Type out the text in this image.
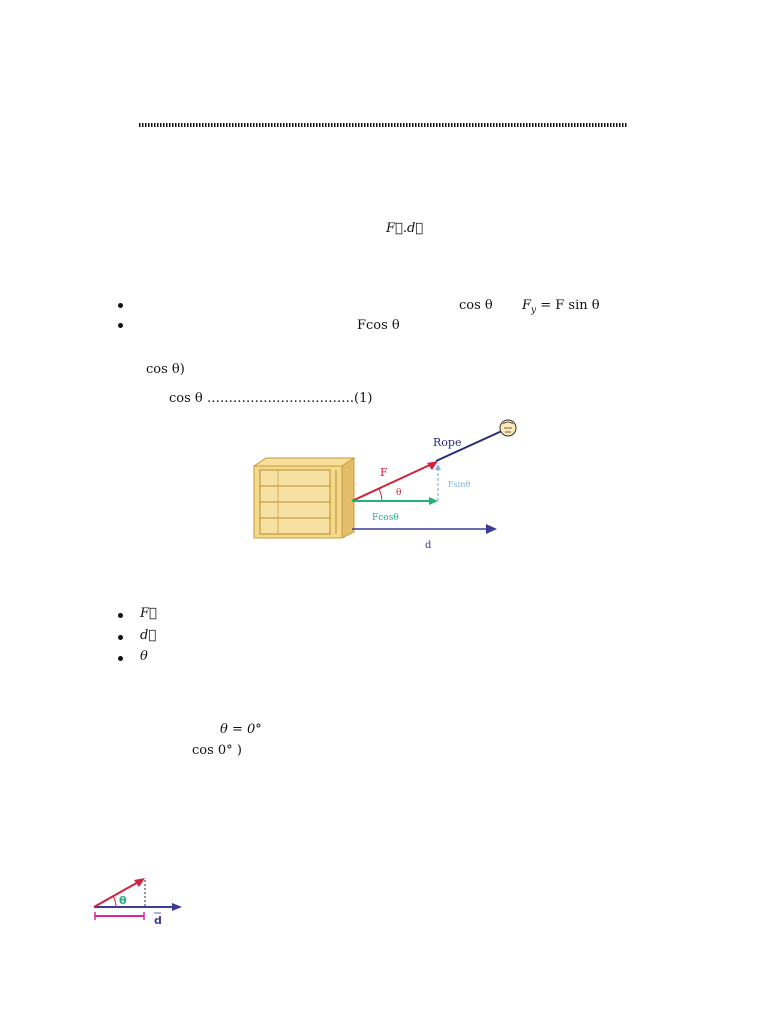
F⃗.d⃗
cos θ $F_y = F$ sin θ
Fcos θ
cos θ)
cos θ …………………………….(1)
Rope
F
θ
Fsinθ
Fcosθ
d
F⃗
d⃗
θ
θ = 0°
cos 0° )
θ
d
